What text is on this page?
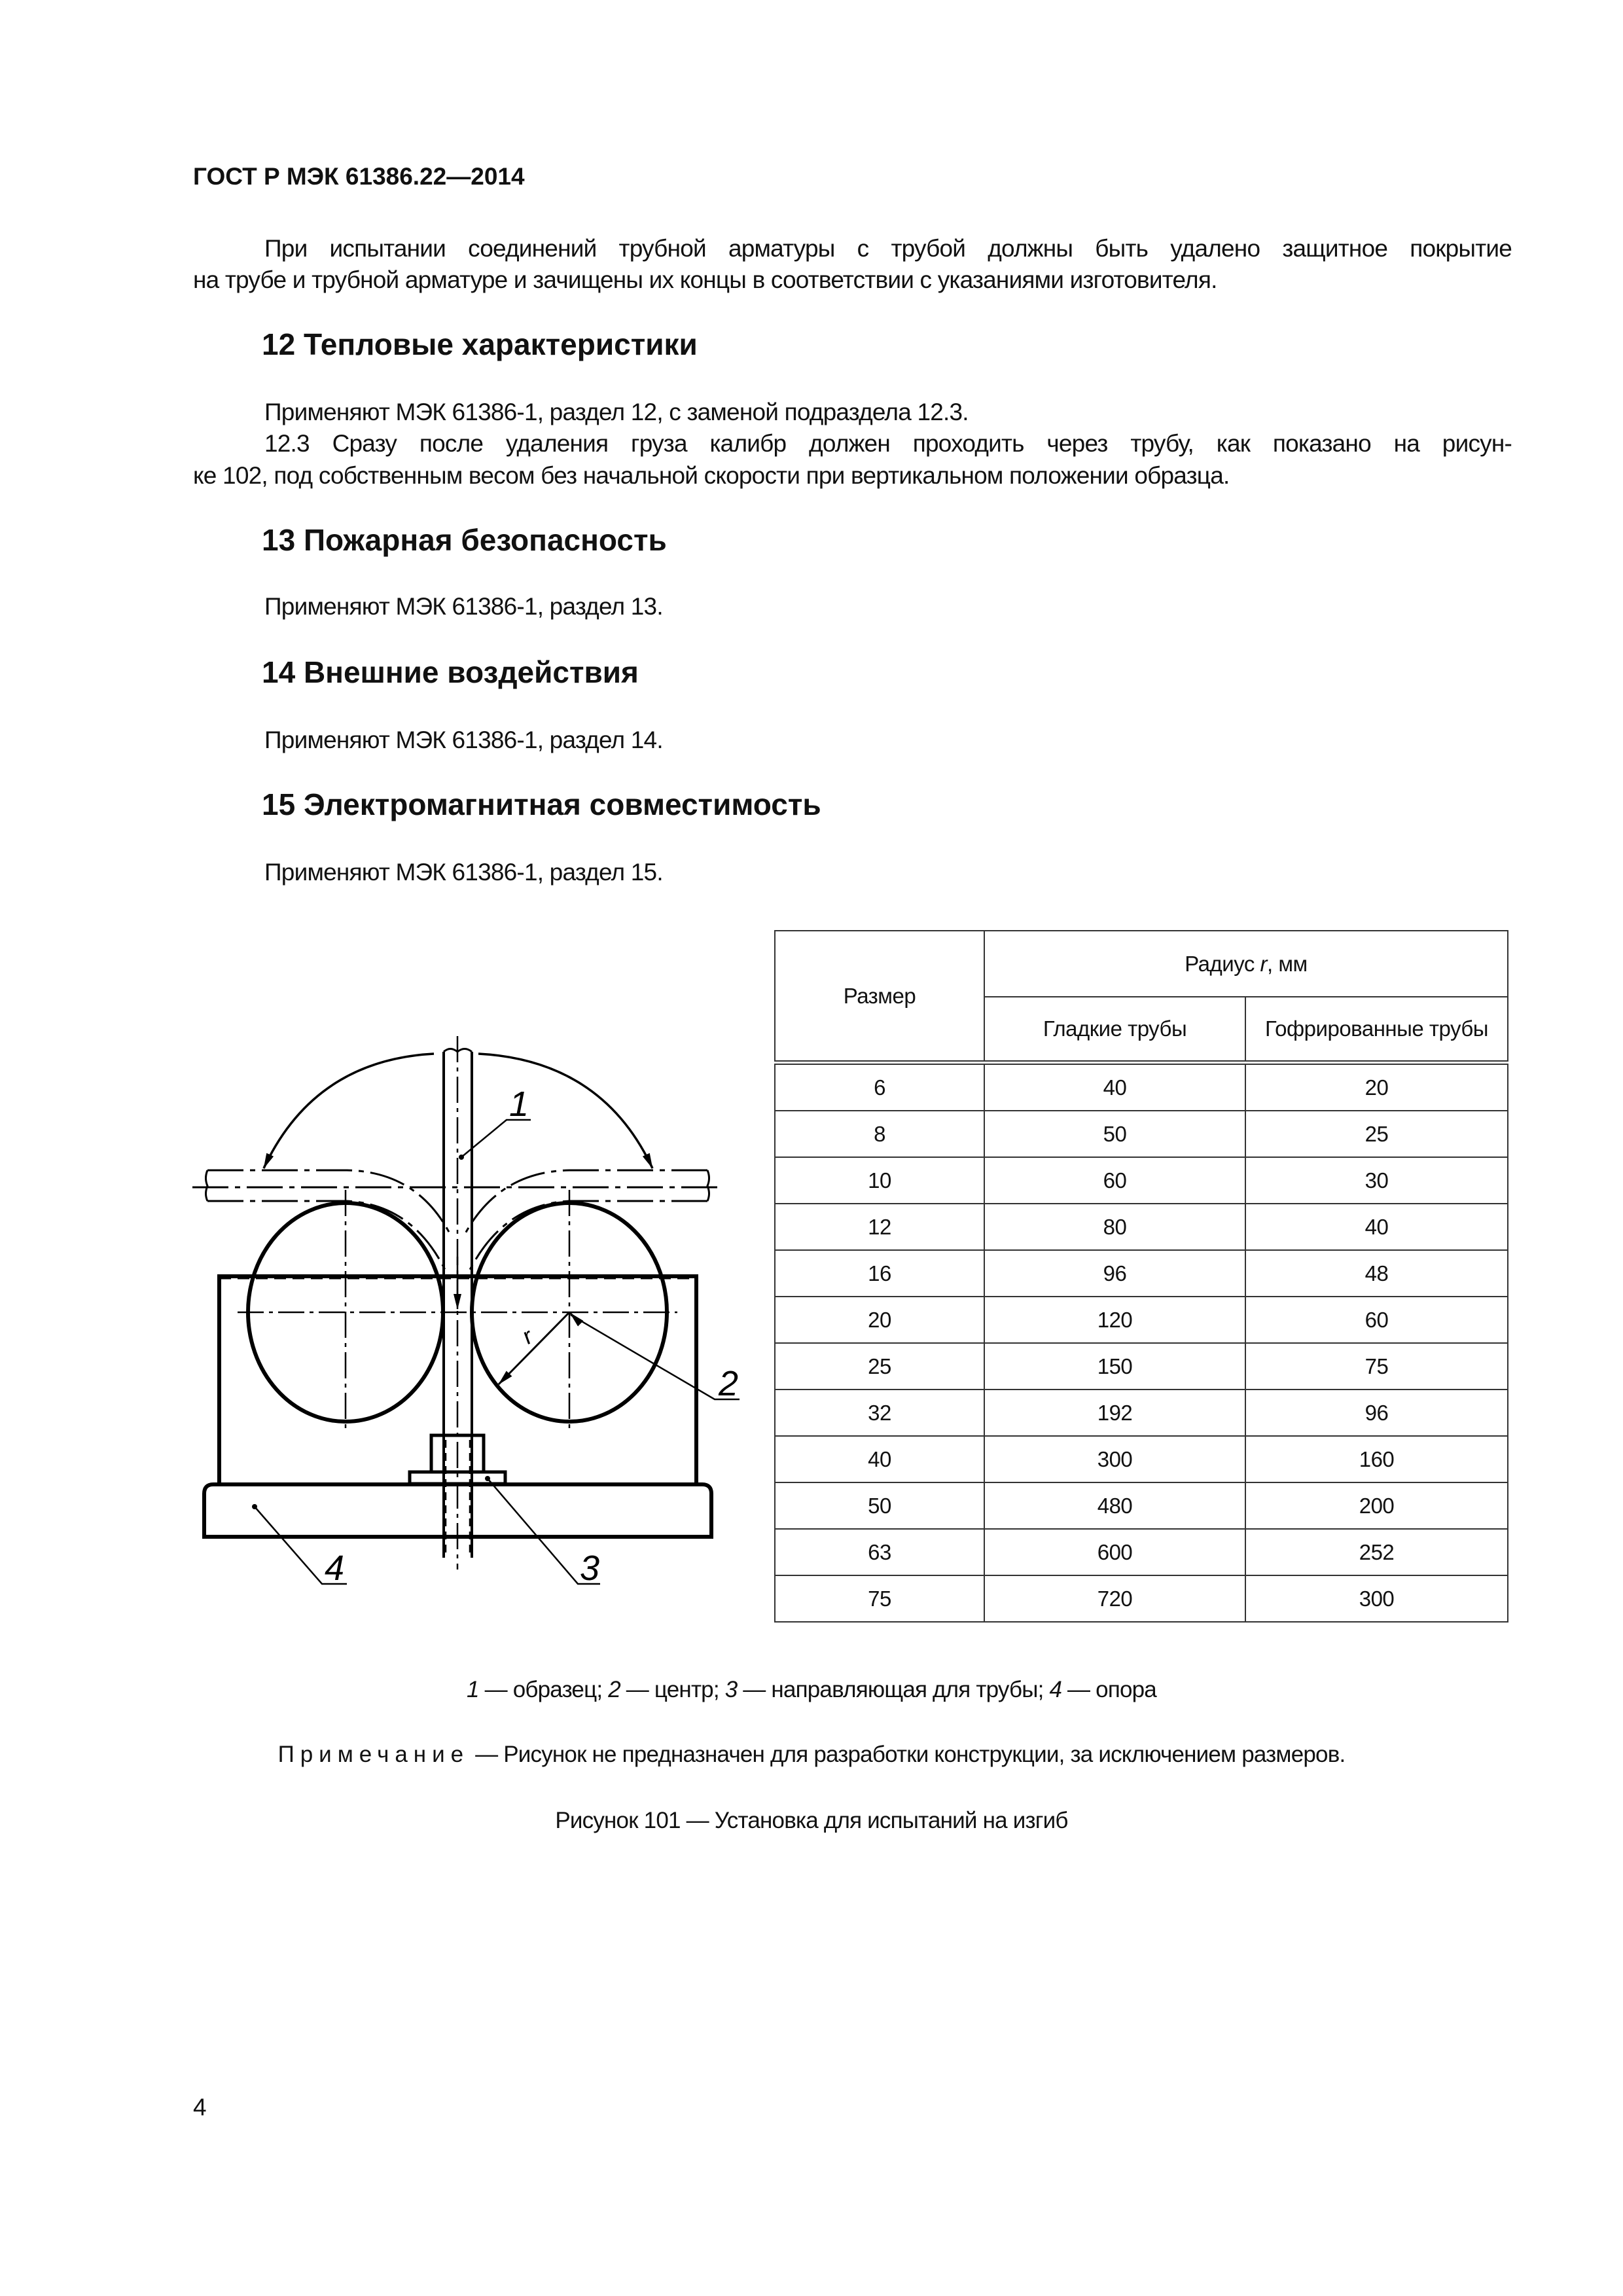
ГОСТ Р МЭК 61386.22—2014
При испытании соединений трубной арматуры с трубой должны быть удалено защитное покрытие
на трубе и трубной арматуре и зачищены их концы в соответствии с указаниями изготовителя.
12 Тепловые характеристики
Применяют МЭК 61386-1, раздел 12, с заменой подраздела 12.3.
12.3 Сразу после удаления груза калибр должен проходить через трубу, как показано на рисун-
ке 102, под собственным весом без начальной скорости при вертикальном положении образца.
13 Пожарная безопасность
Применяют МЭК 61386-1, раздел 13.
14 Внешние воздействия
Применяют МЭК 61386-1, раздел 14.
15 Электромагнитная совместимость
Применяют МЭК 61386-1, раздел 15.
1
2
3
4
r
Размер	Радиус r, мм	
	Гладкие трубы	Гофрированные трубы
6	40	20
8	50	25
10	60	30
12	80	40
16	96	48
20	120	60
25	150	75
32	192	96
40	300	160
50	480	200
63	600	252
75	720	300
1 — образец; 2 — центр; 3 — направляющая для трубы; 4 — опора
Примечание — Рисунок не предназначен для разработки конструкции, за исключением размеров.
Рисунок 101 — Установка для испытаний на изгиб
4
